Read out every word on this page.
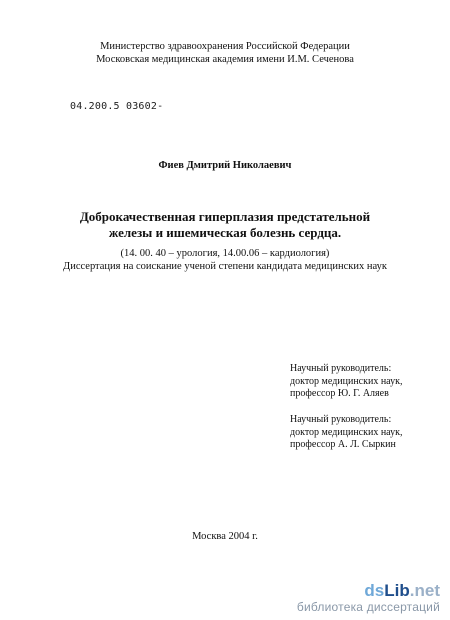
Министерство здравоохранения Российской Федерации
Московская медицинская академия имени И.М. Сеченова
04.200.5 03602-
Фиев Дмитрий Николаевич
Доброкачественная гиперплазия предстательной
железы и ишемическая болезнь сердца.
(14. 00. 40 – урология, 14.00.06 – кардиология)
Диссертация на соискание ученой степени кандидата медицинских наук
Научный руководитель:
доктор медицинских наук,
профессор Ю. Г. Аляев
Научный руководитель:
доктор медицинских наук,
профессор А. Л. Сыркин
Москва 2004 г.
dsLib.net
библиотека диссертаций
